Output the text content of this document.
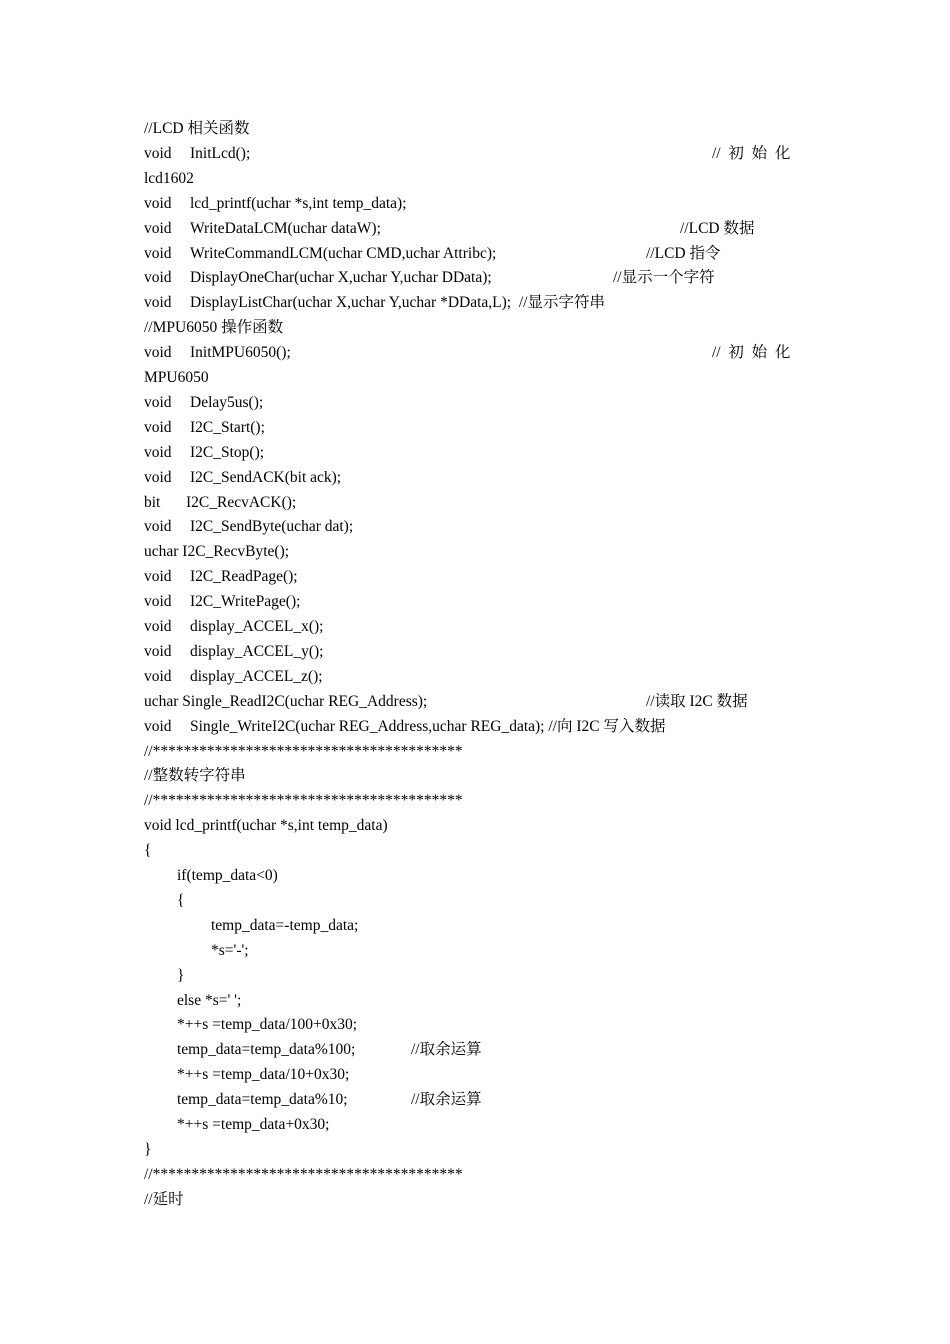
//LCD 相关函数
void InitLcd();	//  初  始  化
lcd1602
void lcd_printf(uchar *s,int temp_data);
void WriteDataLCM(uchar dataW);	//LCD 数据
void WriteCommandLCM(uchar CMD,uchar Attribc);	//LCD 指令
void DisplayOneChar(uchar X,uchar Y,uchar DData);	//显示一个字符
void DisplayListChar(uchar X,uchar Y,uchar *DData,L);  //显示字符串
//MPU6050 操作函数
void InitMPU6050();	//  初  始  化
MPU6050
void Delay5us();
void I2C_Start();
void I2C_Stop();
void I2C_SendACK(bit ack);
bit I2C_RecvACK();
void I2C_SendByte(uchar dat);
uchar I2C_RecvByte();
void I2C_ReadPage();
void I2C_WritePage();
void display_ACCEL_x();
void display_ACCEL_y();
void display_ACCEL_z();
uchar Single_ReadI2C(uchar REG_Address);	//读取 I2C 数据
void Single_WriteI2C(uchar REG_Address,uchar REG_data); //向 I2C 写入数据
//****************************************
//整数转字符串
//****************************************
void lcd_printf(uchar *s,int temp_data)
{
if(temp_data<0)
{
temp_data=-temp_data;
*s='-';
}
else *s=' ';
*++s =temp_data/100+0x30;
temp_data=temp_data%100;	//取余运算
*++s =temp_data/10+0x30;
temp_data=temp_data%10;	//取余运算
*++s =temp_data+0x30;
}
//****************************************
//延时
